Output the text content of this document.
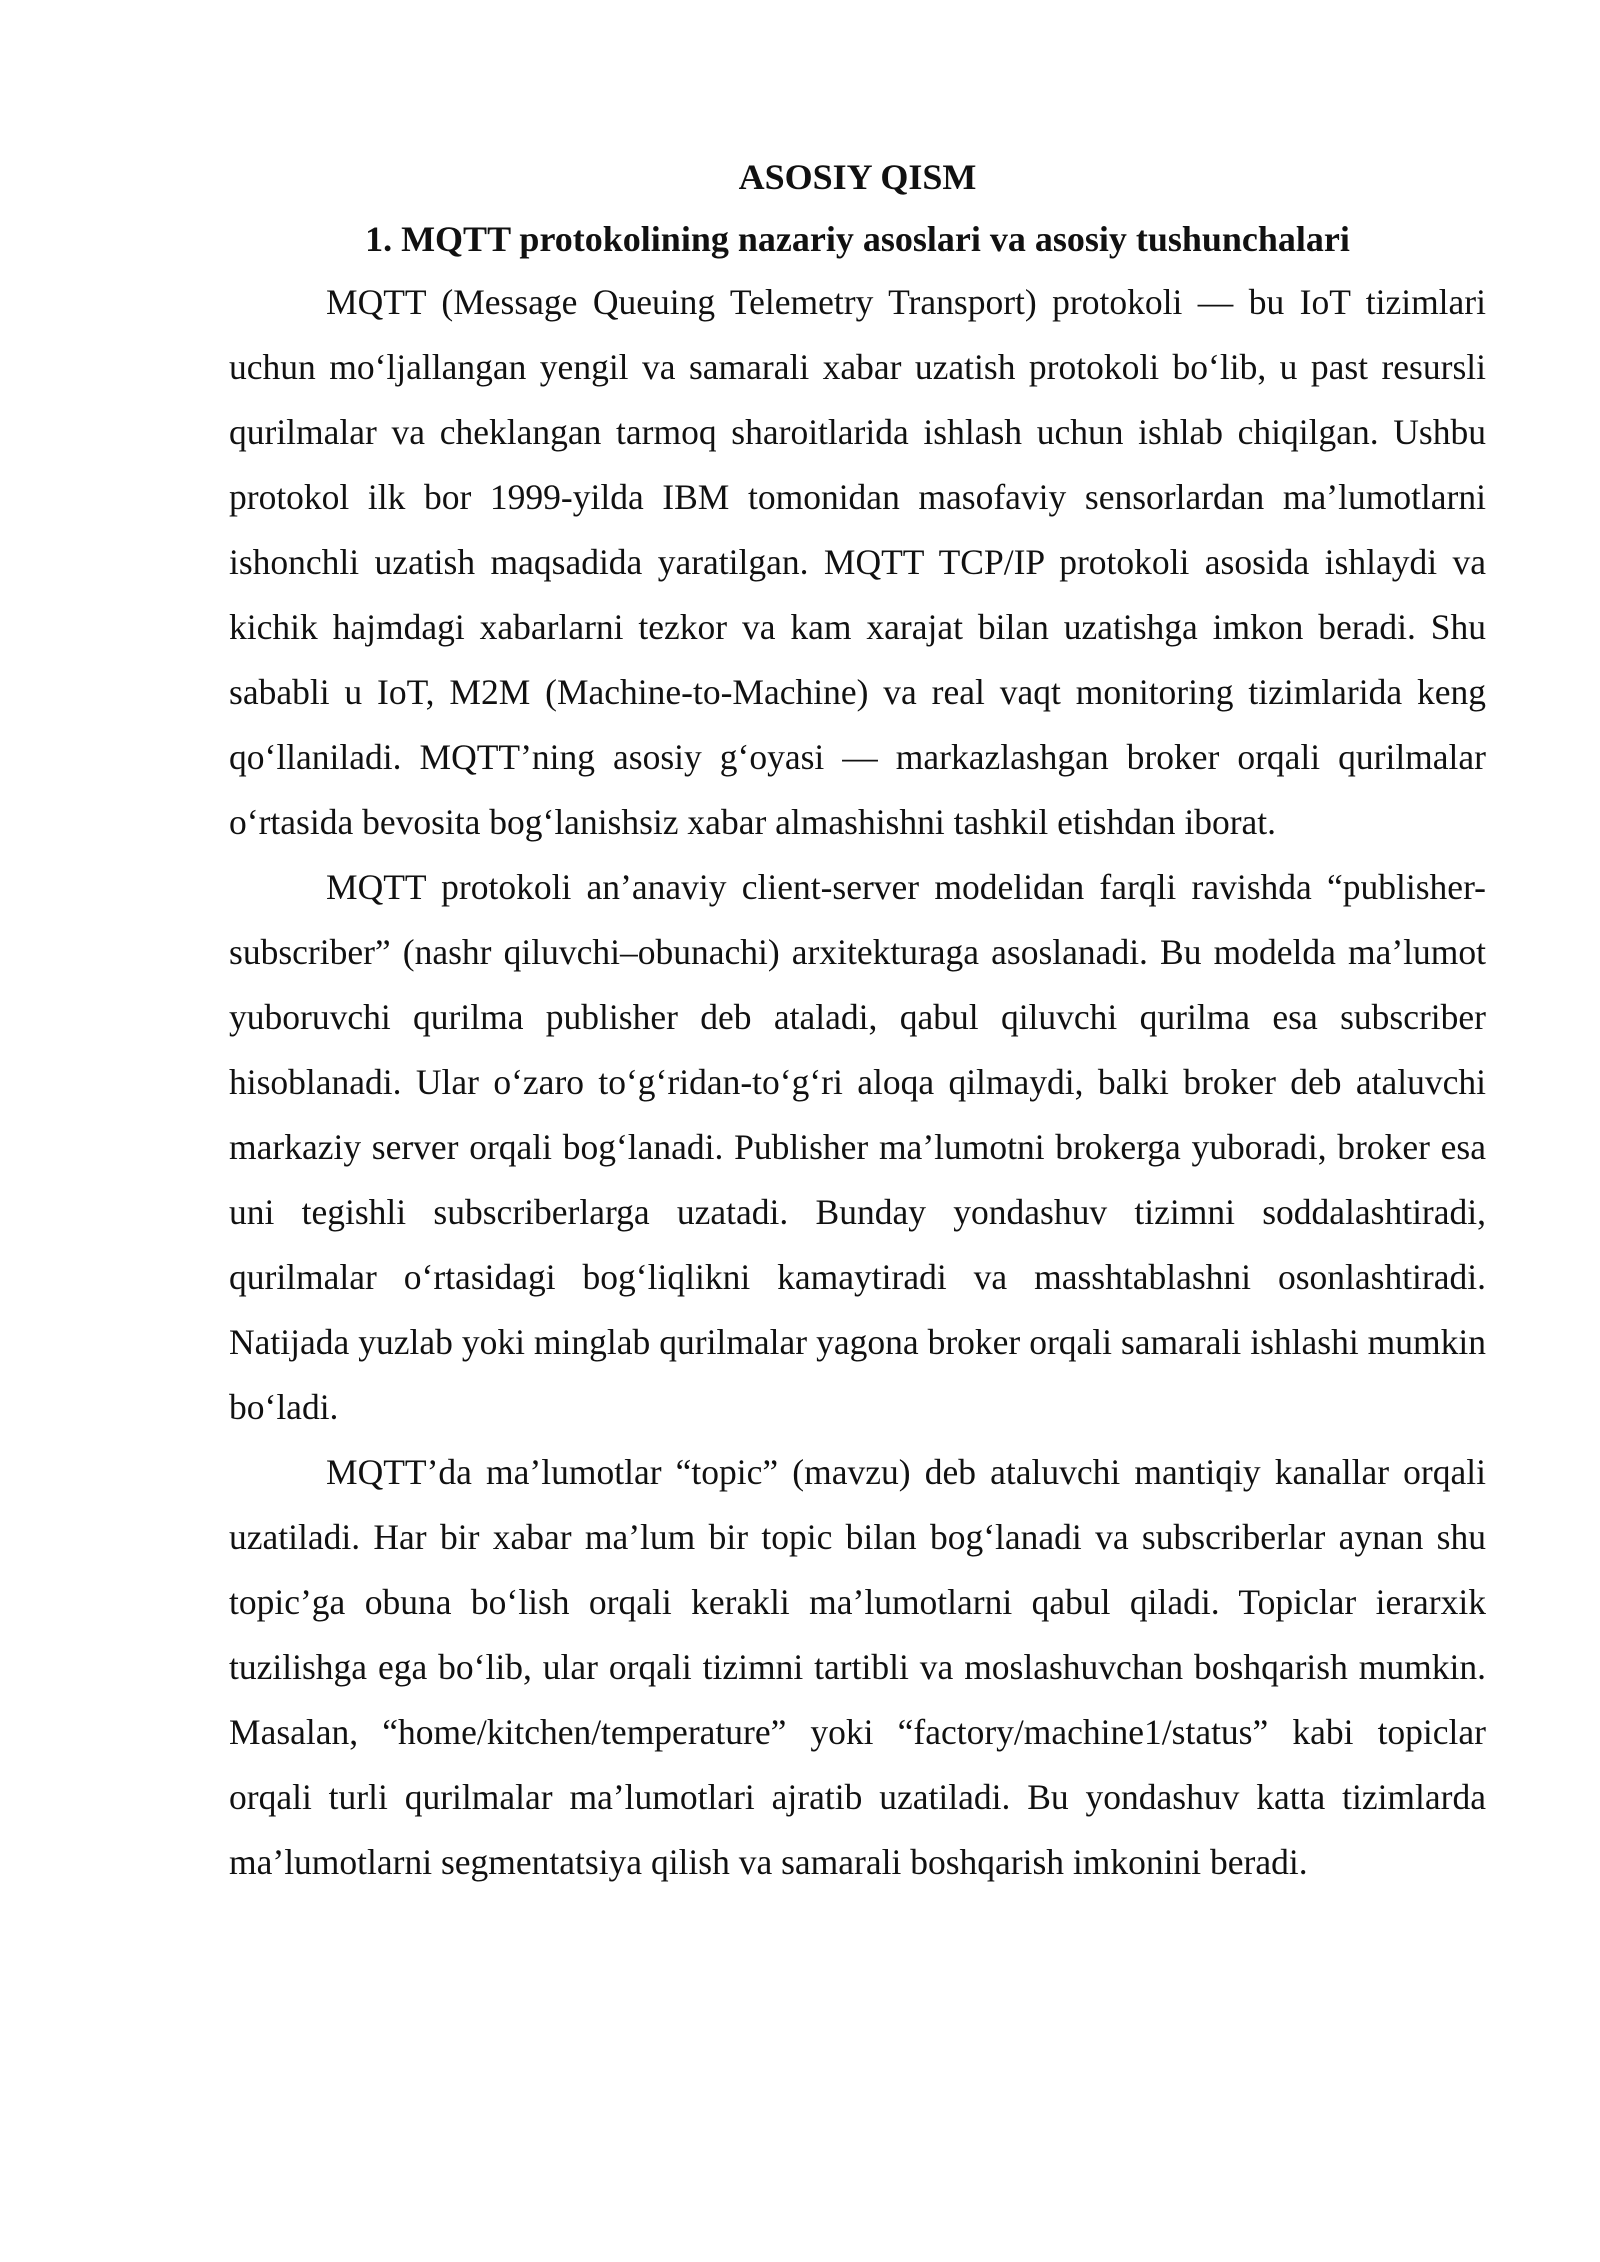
ASOSIY QISM
1. MQTT protokolining nazariy asoslari va asosiy tushunchalari

MQTT (Message Queuing Telemetry Transport) protokoli — bu IoT tizimlari uchun mo‘ljallangan yengil va samarali xabar uzatish protokoli bo‘lib, u past resursli qurilmalar va cheklangan tarmoq sharoitlarida ishlash uchun ishlab chiqilgan. Ushbu protokol ilk bor 1999-yilda IBM tomonidan masofaviy sensorlardan ma’lumotlarni ishonchli uzatish maqsadida yaratilgan. MQTT TCP/IP protokoli asosida ishlaydi va kichik hajmdagi xabarlarni tezkor va kam xarajat bilan uzatishga imkon beradi. Shu sababli u IoT, M2M (Machine-to-Machine) va real vaqt monitoring tizimlarida keng qo‘llaniladi. MQTT’ning asosiy g‘oyasi — markazlashgan broker orqali qurilmalar o‘rtasida bevosita bog‘lanishsiz xabar almashishni tashkil etishdan iborat.

MQTT protokoli an’anaviy client-server modelidan farqli ravishda “publisher-subscriber” (nashr qiluvchi–obunachi) arxitekturaga asoslanadi. Bu modelda ma’lumot yuboruvchi qurilma publisher deb ataladi, qabul qiluvchi qurilma esa subscriber hisoblanadi. Ular o‘zaro to‘g‘ridan-to‘g‘ri aloqa qilmaydi, balki broker deb ataluvchi markaziy server orqali bog‘lanadi. Publisher ma’lumotni brokerga yuboradi, broker esa uni tegishli subscriberlarga uzatadi. Bunday yondashuv tizimni soddalashtiradi, qurilmalar o‘rtasidagi bog‘liqlikni kamaytiradi va masshtablashni osonlashtiradi. Natijada yuzlab yoki minglab qurilmalar yagona broker orqali samarali ishlashi mumkin bo‘ladi.

MQTT’da ma’lumotlar “topic” (mavzu) deb ataluvchi mantiqiy kanallar orqali uzatiladi. Har bir xabar ma’lum bir topic bilan bog‘lanadi va subscriberlar aynan shu topic’ga obuna bo‘lish orqali kerakli ma’lumotlarni qabul qiladi. Topiclar ierarxik tuzilishga ega bo‘lib, ular orqali tizimni tartibli va moslashuvchan boshqarish mumkin. Masalan, “home/kitchen/temperature” yoki “factory/machine1/status” kabi topiclar orqali turli qurilmalar ma’lumotlari ajratib uzatiladi. Bu yondashuv katta tizimlarda ma’lumotlarni segmentatsiya qilish va samarali boshqarish imkonini beradi.
